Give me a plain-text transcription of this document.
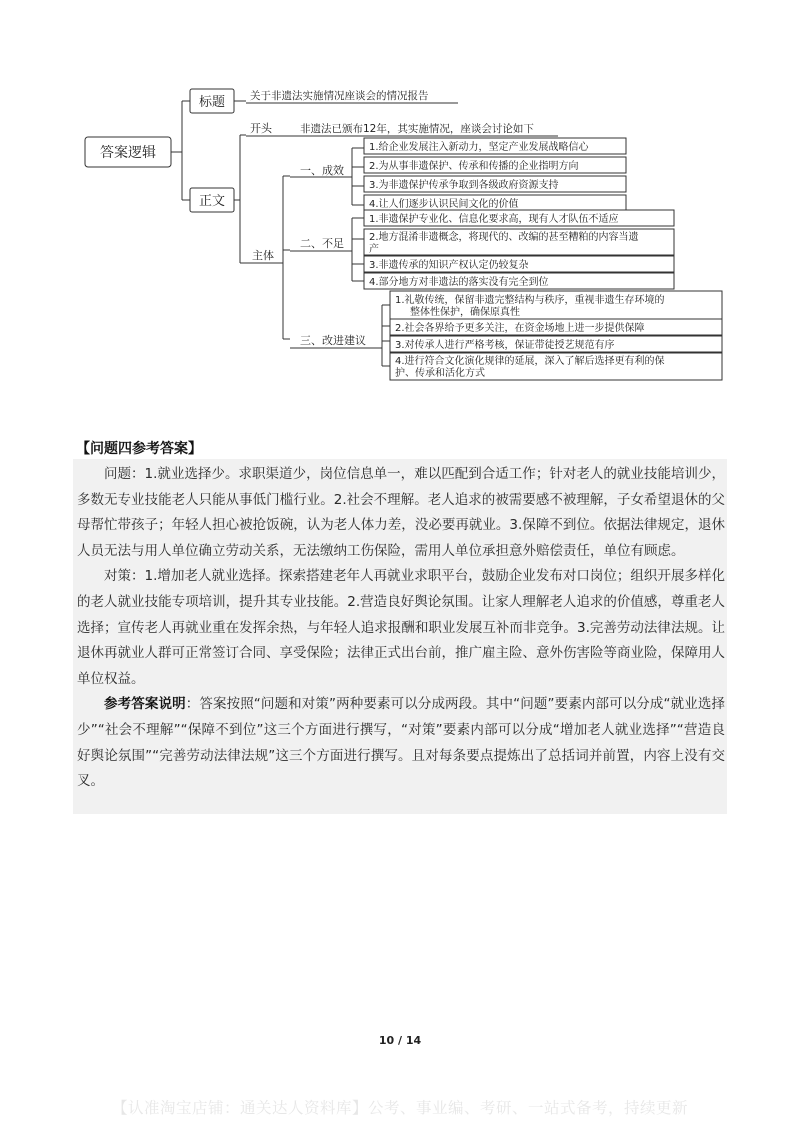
答案逻辑
标题 关于非遗法实施情况座谈会的情况报告
正文
开头	非遗法已颁布12年，其实施情况，座谈会讨论如下
主体
一、成效
1.给企业发展注入新动力，坚定产业发展战略信心
2.为从事非遗保护、传承和传播的企业指明方向
3.为非遗保护传承争取到各级政府资源支持
4.让人们逐步认识民间文化的价值
二、不足
1.非遗保护专业化、信息化要求高，现有人才队伍不适应
2.地方混淆非遗概念，将现代的、改编的甚至糟粕的内容当遗
产
3.非遗传承的知识产权认定仍较复杂
4.部分地方对非遗法的落实没有完全到位
三、改进建议
1.礼敬传统，保留非遗完整结构与秩序，重视非遗生存环境的
整体性保护，确保原真性
2.社会各界给予更多关注，在资金场地上进一步提供保障
3.对传承人进行严格考核，保证带徒授艺规范有序
4.进行符合文化演化规律的延展，深入了解后选择更有利的保
护、传承和活化方式
【问题四参考答案】

问题：1.就业选择少。求职渠道少，岗位信息单一，难以匹配到合适工作；针对老人的就业技能培训少，多数无专业技能老人只能从事低门槛行业。2.社会不理解。老人追求的被需要感不被理解，子女希望退休的父母帮忙带孩子；年轻人担心被抢饭碗，认为老人体力差，没必要再就业。3.保障不到位。依据法律规定，退休人员无法与用人单位确立劳动关系，无法缴纳工伤保险，需用人单位承担意外赔偿责任，单位有顾虑。

对策：1.增加老人就业选择。探索搭建老年人再就业求职平台，鼓励企业发布对口岗位；组织开展多样化的老人就业技能专项培训，提升其专业技能。2.营造良好舆论氛围。让家人理解老人追求的价值感，尊重老人选择；宣传老人再就业重在发挥余热，与年轻人追求报酬和职业发展互补而非竞争。3.完善劳动法律法规。让退休再就业人群可正常签订合同、享受保险；法律正式出台前，推广雇主险、意外伤害险等商业险，保障用人单位权益。

参考答案说明：答案按照“问题和对策”两种要素可以分成两段。其中“问题”要素内部可以分成“就业选择少”“社会不理解”“保障不到位”这三个方面进行撰写，“对策”要素内部可以分成“增加老人就业选择”“营造良好舆论氛围”“完善劳动法律法规”这三个方面进行撰写。且对每条要点提炼出了总括词并前置，内容上没有交叉。

10 / 14
【认准淘宝店铺：通关达人资料库】公考、事业编、考研、一站式备考，持续更新
